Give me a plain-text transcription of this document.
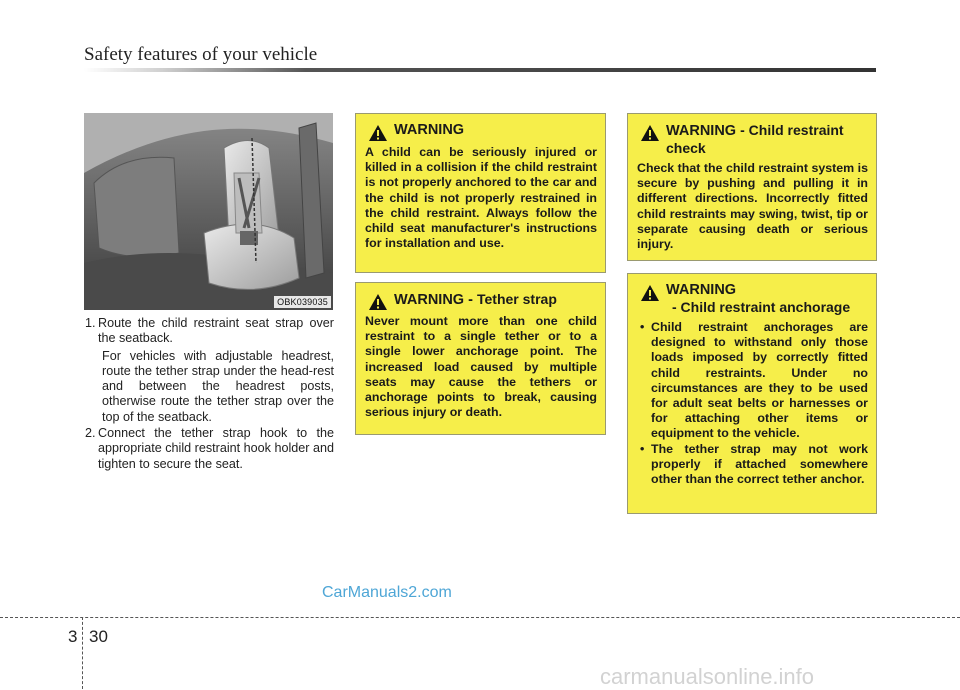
Safety features of your vehicle
OBK039035
1. Route the child restraint seat strap over the seatback.
For vehicles with adjustable headrest, route the tether strap under the head-rest and between the headrest posts, otherwise route the tether strap over the top of the seatback.
2. Connect the tether strap hook to the appropriate child restraint hook holder and tighten to secure the seat.
WARNING
A child can be seriously injured or killed in a collision if the child restraint is not properly anchored to the car and the child is not properly restrained in the child restraint. Always follow the child seat manufacturer's instructions for installation and use.
WARNING - Tether strap
Never mount more than one child restraint to a single tether or to a single lower anchorage point. The increased load caused by multiple seats may cause the tethers or anchorage points to break, causing serious injury or death.
WARNING - Child restraint check
Check that the child restraint system is secure by pushing and pulling it in different directions. Incorrectly fitted child restraints may swing, twist, tip or separate causing death or serious injury.
WARNING
- Child restraint anchorage
• Child restraint anchorages are designed to withstand only those loads imposed by correctly fitted child restraints. Under no circumstances are they to be used for adult seat belts or harnesses or for attaching other items or equipment to the vehicle.
• The tether strap may not work properly if attached somewhere other than the correct tether anchor.
CarManuals2.com
3 30
carmanualsonline.info
